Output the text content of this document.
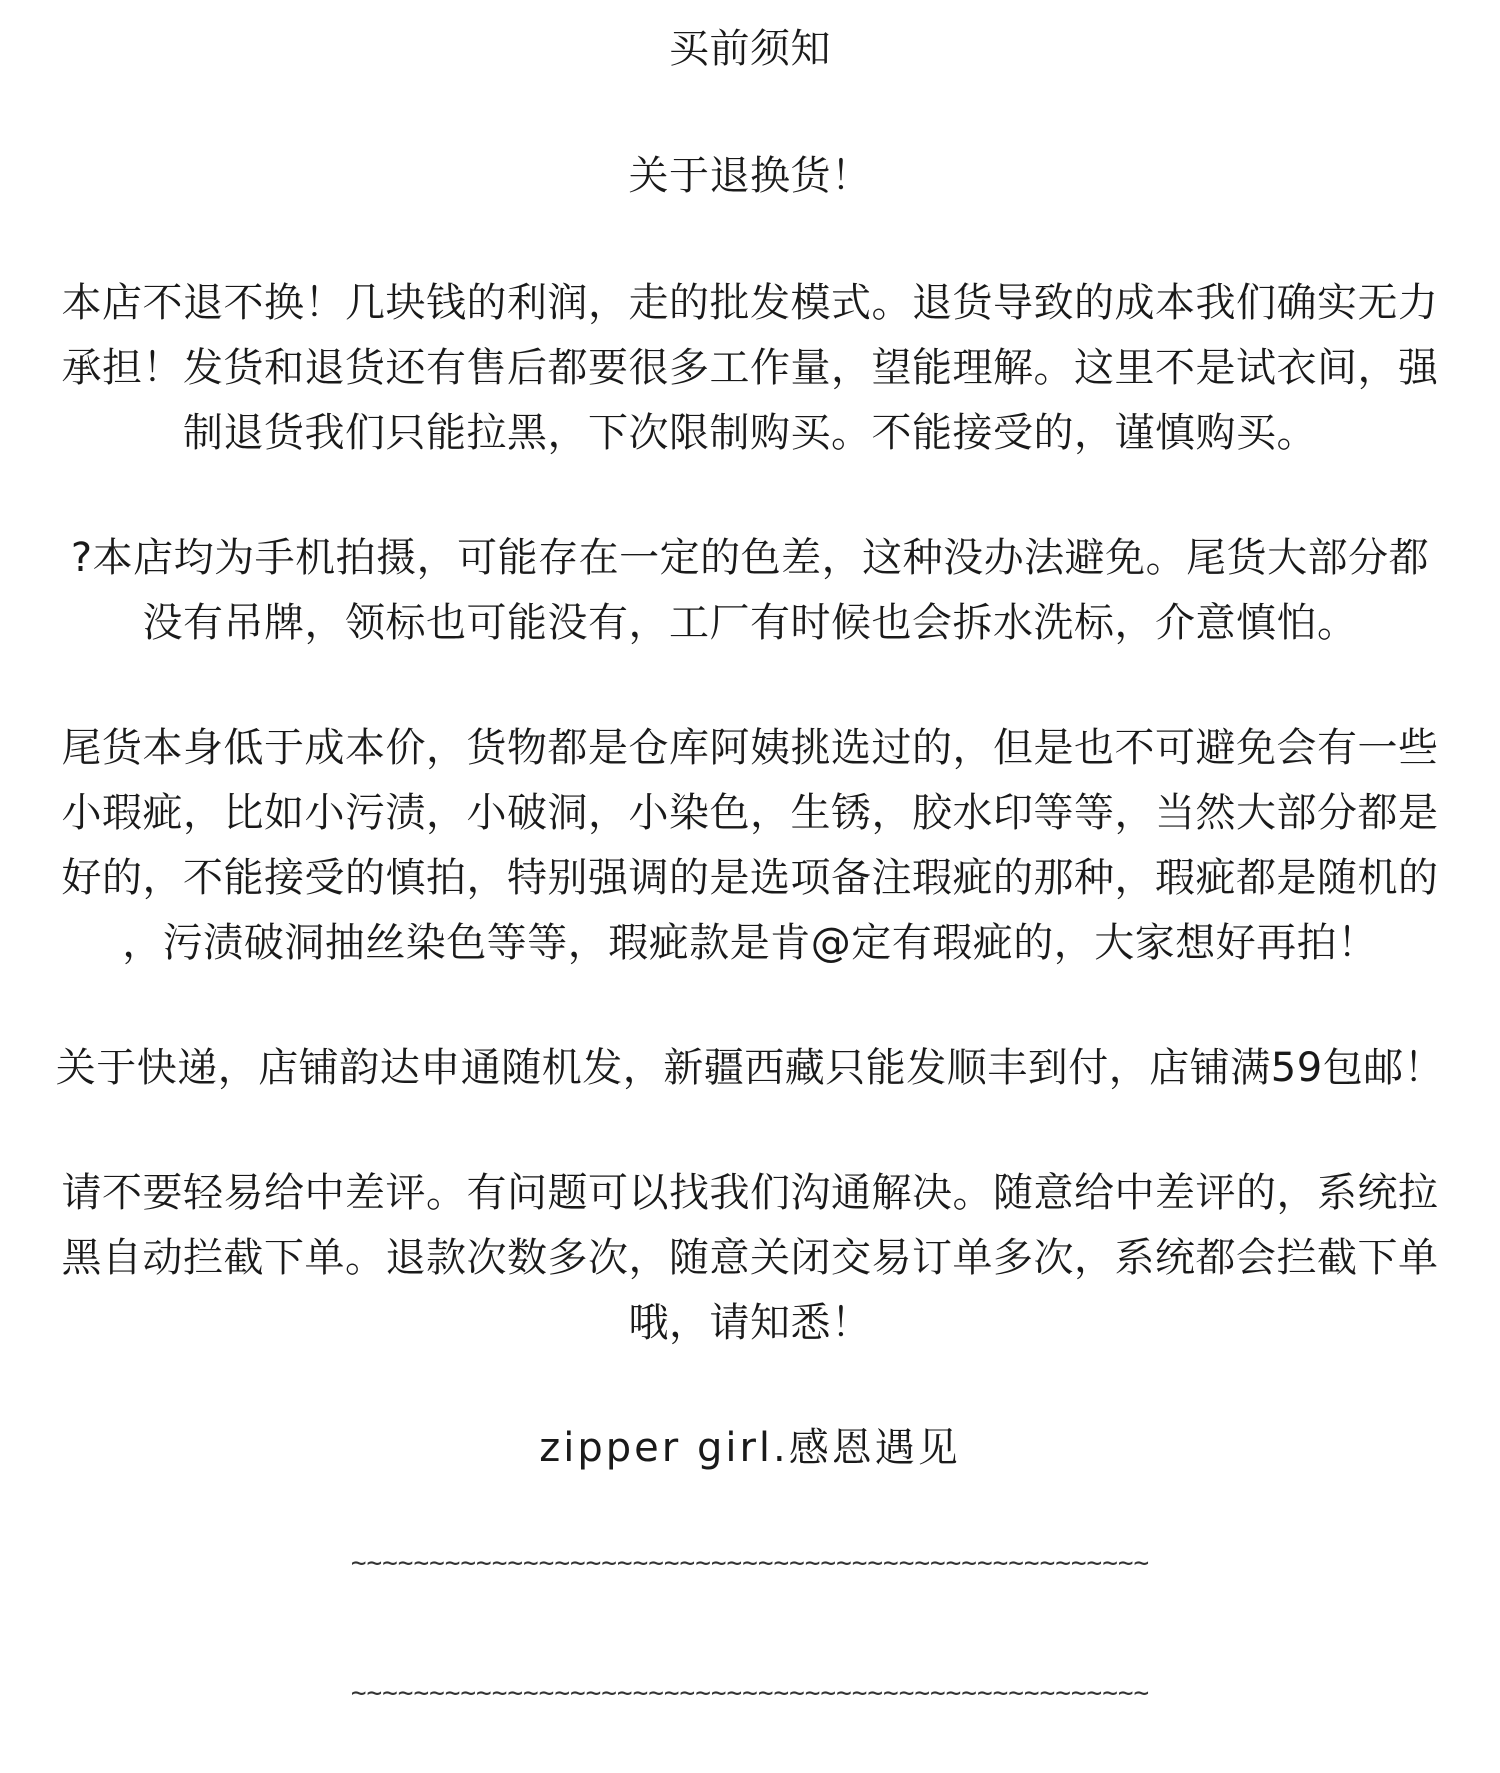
买前须知
关于退换货！
本店不退不换！几块钱的利润，走的批发模式。退货导致的成本我们确实无力
承担！发货和退货还有售后都要很多工作量，望能理解。这里不是试衣间，强
制退货我们只能拉黑，下次限制购买。不能接受的，谨慎购买。
?本店均为手机拍摄，可能存在一定的色差，这种没办法避免。尾货大部分都
没有吊牌，领标也可能没有，工厂有时候也会拆水洗标，介意慎怕。
尾货本身低于成本价，货物都是仓库阿姨挑选过的，但是也不可避免会有一些
小瑕疵，比如小污渍，小破洞，小染色，生锈，胶水印等等，当然大部分都是
好的，不能接受的慎拍，特别强调的是选项备注瑕疵的那种，瑕疵都是随机的
，污渍破洞抽丝染色等等，瑕疵款是肯@定有瑕疵的，大家想好再拍！
关于快递，店铺韵达申通随机发，新疆西藏只能发顺丰到付，店铺满59包邮！
请不要轻易给中差评。有问题可以找我们沟通解决。随意给中差评的，系统拉
黑自动拦截下单。退款次数多次，随意关闭交易订单多次，系统都会拦截下单
哦，请知悉！
zipper girl.感恩遇见
~~~~~~~~~~~~~~~~~~~~~~~~~~~~~~~~~~~~~~~~~~~~~~~~~~~
~~~~~~~~~~~~~~~~~~~~~~~~~~~~~~~~~~~~~~~~~~~~~~~~~~~
